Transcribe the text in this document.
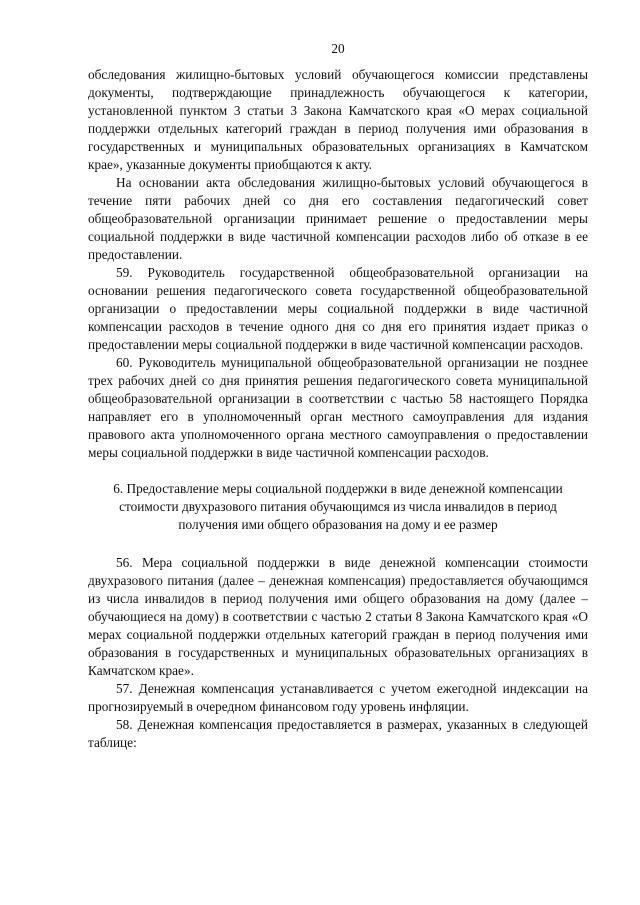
20

обследования жилищно-бытовых условий обучающегося комиссии представлены документы, подтверждающие принадлежность обучающегося к категории, установленной пунктом 3 статьи 3 Закона Камчатского края «О мерах социальной поддержки отдельных категорий граждан в период получения ими образования в государственных и муниципальных образовательных организациях в Камчатском крае», указанные документы приобщаются к акту.

На основании акта обследования жилищно-бытовых условий обучающегося в течение пяти рабочих дней со дня его составления педагогический совет общеобразовательной организации принимает решение о предоставлении меры социальной поддержки в виде частичной компенсации расходов либо об отказе в ее предоставлении.

59. Руководитель государственной общеобразовательной организации на основании решения педагогического совета государственной общеобразовательной организации о предоставлении меры социальной поддержки в виде частичной компенсации расходов в течение одного дня со дня его принятия издает приказ о предоставлении меры социальной поддержки в виде частичной компенсации расходов.

60. Руководитель муниципальной общеобразовательной организации не позднее трех рабочих дней со дня принятия решения педагогического совета муниципальной общеобразовательной организации в соответствии с частью 58 настоящего Порядка направляет его в уполномоченный орган местного самоуправления для издания правового акта уполномоченного органа местного самоуправления о предоставлении меры социальной поддержки в виде частичной компенсации расходов.

6. Предоставление меры социальной поддержки в виде денежной компенсации
стоимости двухразового питания обучающимся из числа инвалидов в период
получения ими общего образования на дому и ее размер

56. Мера социальной поддержки в виде денежной компенсации стоимости двухразового питания (далее – денежная компенсация) предоставляется обучающимся из числа инвалидов в период получения ими общего образования на дому (далее – обучающиеся на дому) в соответствии с частью 2 статьи 8 Закона Камчатского края «О мерах социальной поддержки отдельных категорий граждан в период получения ими образования в государственных и муниципальных образовательных организациях в Камчатском крае».

57. Денежная компенсация устанавливается с учетом ежегодной индексации на прогнозируемый в очередном финансовом году уровень инфляции.

58. Денежная компенсация предоставляется в размерах, указанных в следующей таблице:
